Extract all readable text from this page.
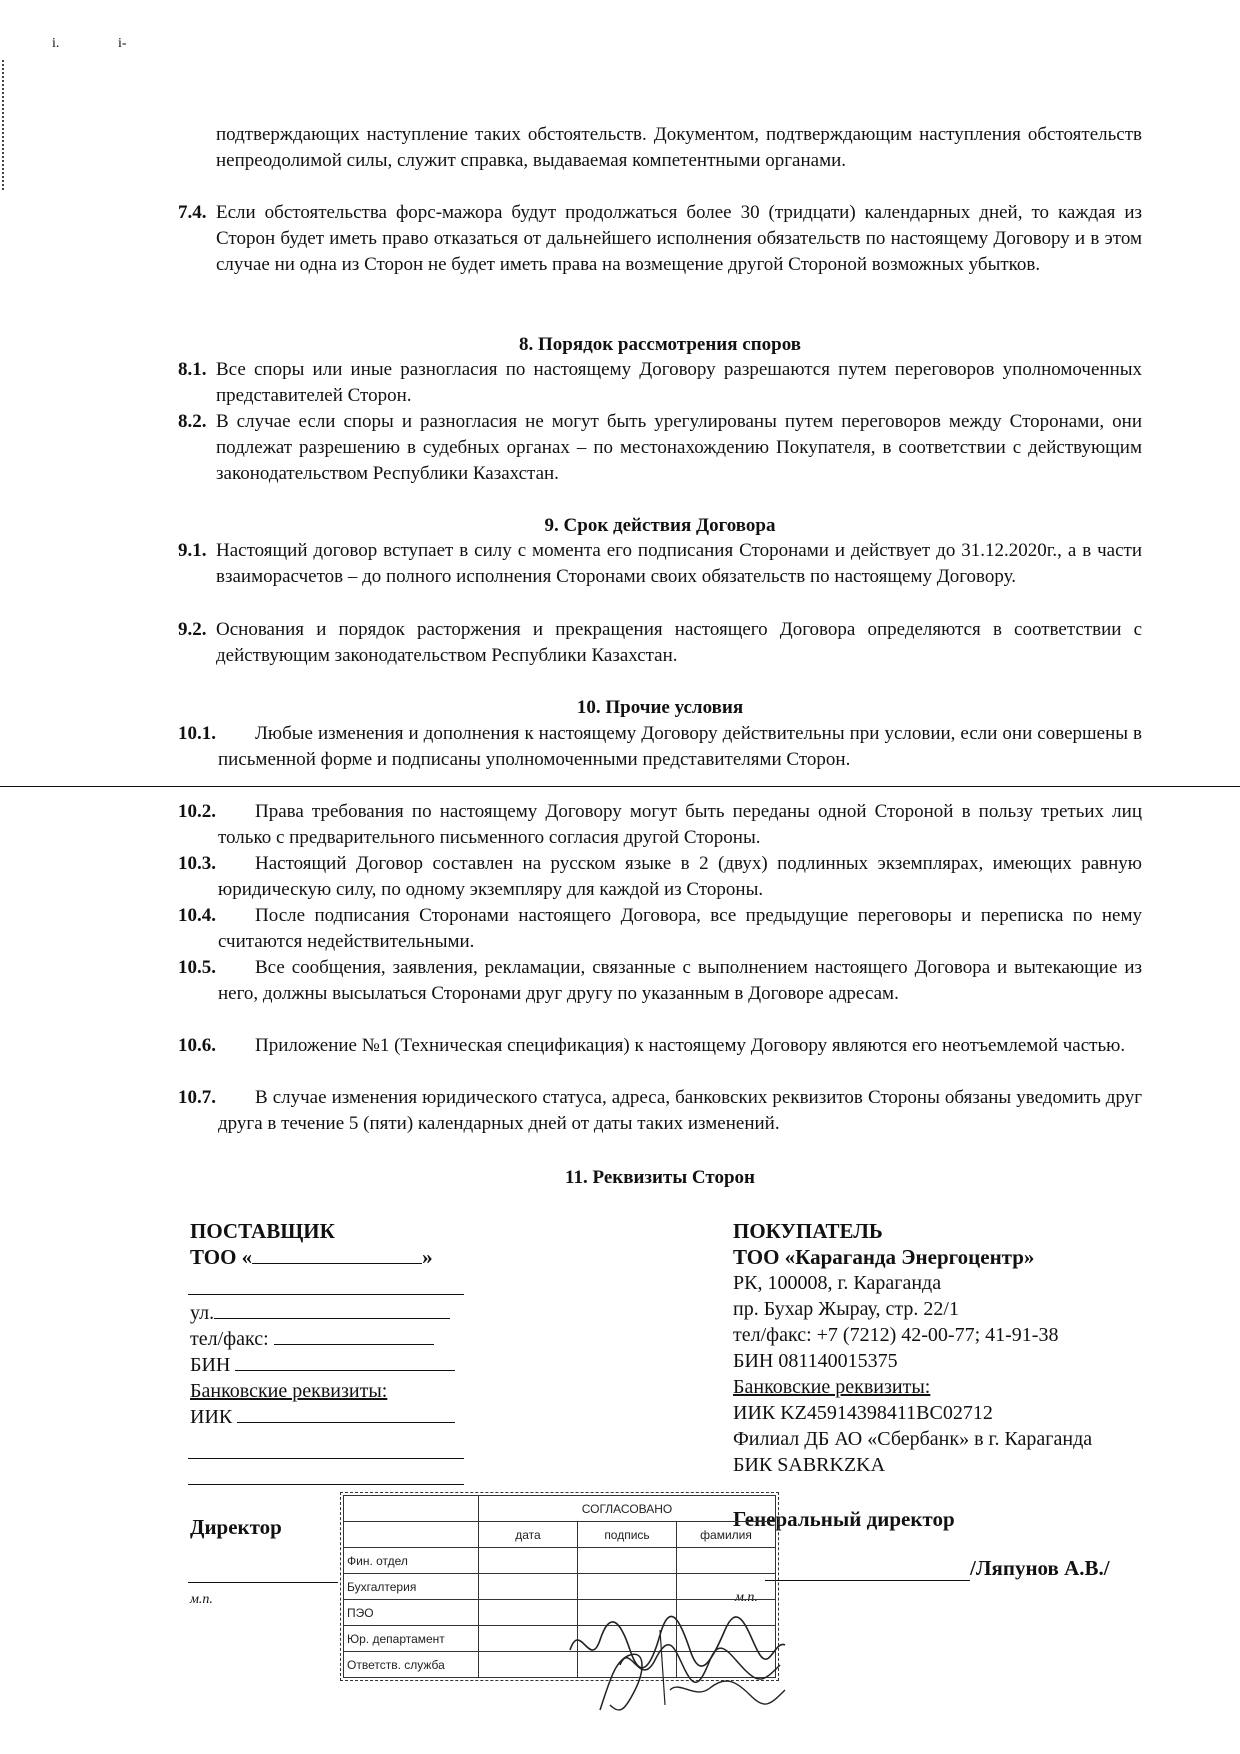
i.	i-

подтверждающих наступление таких обстоятельств. Документом, подтверждающим наступления обстоятельств непреодолимой силы, служит справка, выдаваемая компетентными органами.

7.4. Если обстоятельства форс-мажора будут продолжаться более 30 (тридцати) календарных дней, то каждая из Сторон будет иметь право отказаться от дальнейшего исполнения обязательств по настоящему Договору и в этом случае ни одна из Сторон не будет иметь права на возмещение другой Стороной возможных убытков.

8. Порядок рассмотрения споров

8.1. Все споры или иные разногласия по настоящему Договору разрешаются путем переговоров уполномоченных представителей Сторон.

8.2. В случае если споры и разногласия не могут быть урегулированы путем переговоров между Сторонами, они подлежат разрешению в судебных органах – по местонахождению Покупателя, в соответствии с действующим законодательством Республики Казахстан.

9. Срок действия Договора

9.1. Настоящий договор вступает в силу с момента его подписания Сторонами и действует до 31.12.2020г., а в части взаиморасчетов – до полного исполнения Сторонами своих обязательств по настоящему Договору.

9.2. Основания и порядок расторжения и прекращения настоящего Договора определяются в соответствии с действующим законодательством Республики Казахстан.

10. Прочие условия

10.1.	Любые изменения и дополнения к настоящему Договору действительны при условии, если они совершены в письменной форме и подписаны уполномоченными представителями Сторон.

10.2.	Права требования по настоящему Договору могут быть переданы одной Стороной в пользу третьих лиц только с предварительного письменного согласия другой Стороны.

10.3.	Настоящий Договор составлен на русском языке в 2 (двух) подлинных экземплярах, имеющих равную юридическую силу, по одному экземпляру для каждой из Стороны.

10.4.	После подписания Сторонами настоящего Договора, все предыдущие переговоры и переписка по нему считаются недействительными.

10.5.	Все сообщения, заявления, рекламации, связанные с выполнением настоящего Договора и вытекающие из него, должны высылаться Сторонами друг другу по указанным в Договоре адресам.

10.6.	Приложение №1 (Техническая спецификация) к настоящему Договору являются его неотъемлемой частью.

10.7.	В случае изменения юридического статуса, адреса, банковских реквизитов Стороны обязаны уведомить друг друга в течение 5 (пяти) календарных дней от даты таких изменений.

11. Реквизиты Сторон
ПОСТАВЩИК
ТОО «	»
ул.
тел/факс:
БИН
Банковские реквизиты:
ИИК
Директор
м.п.
ПОКУПАТЕЛЬ
ТОО «Караганда Энергоцентр»
РК, 100008, г. Караганда
пр. Бухар Жырау, стр. 22/1
тел/факс: +7 (7212) 42-00-77; 41-91-38
БИН 081140015375
Банковские реквизиты:
ИИК KZ45914398411BC02712
Филиал ДБ АО «Сбербанк» в г. Караганда
БИК SABRKZKA
Генеральный директор
/Ляпунов А.В./
м.п.
	СОГЛАСОВАНО		
	дата	подпись	фамилия
Фин. отдел			
Бухгалтерия			
ПЭО			
Юр. департамент			
Ответств. служба			
